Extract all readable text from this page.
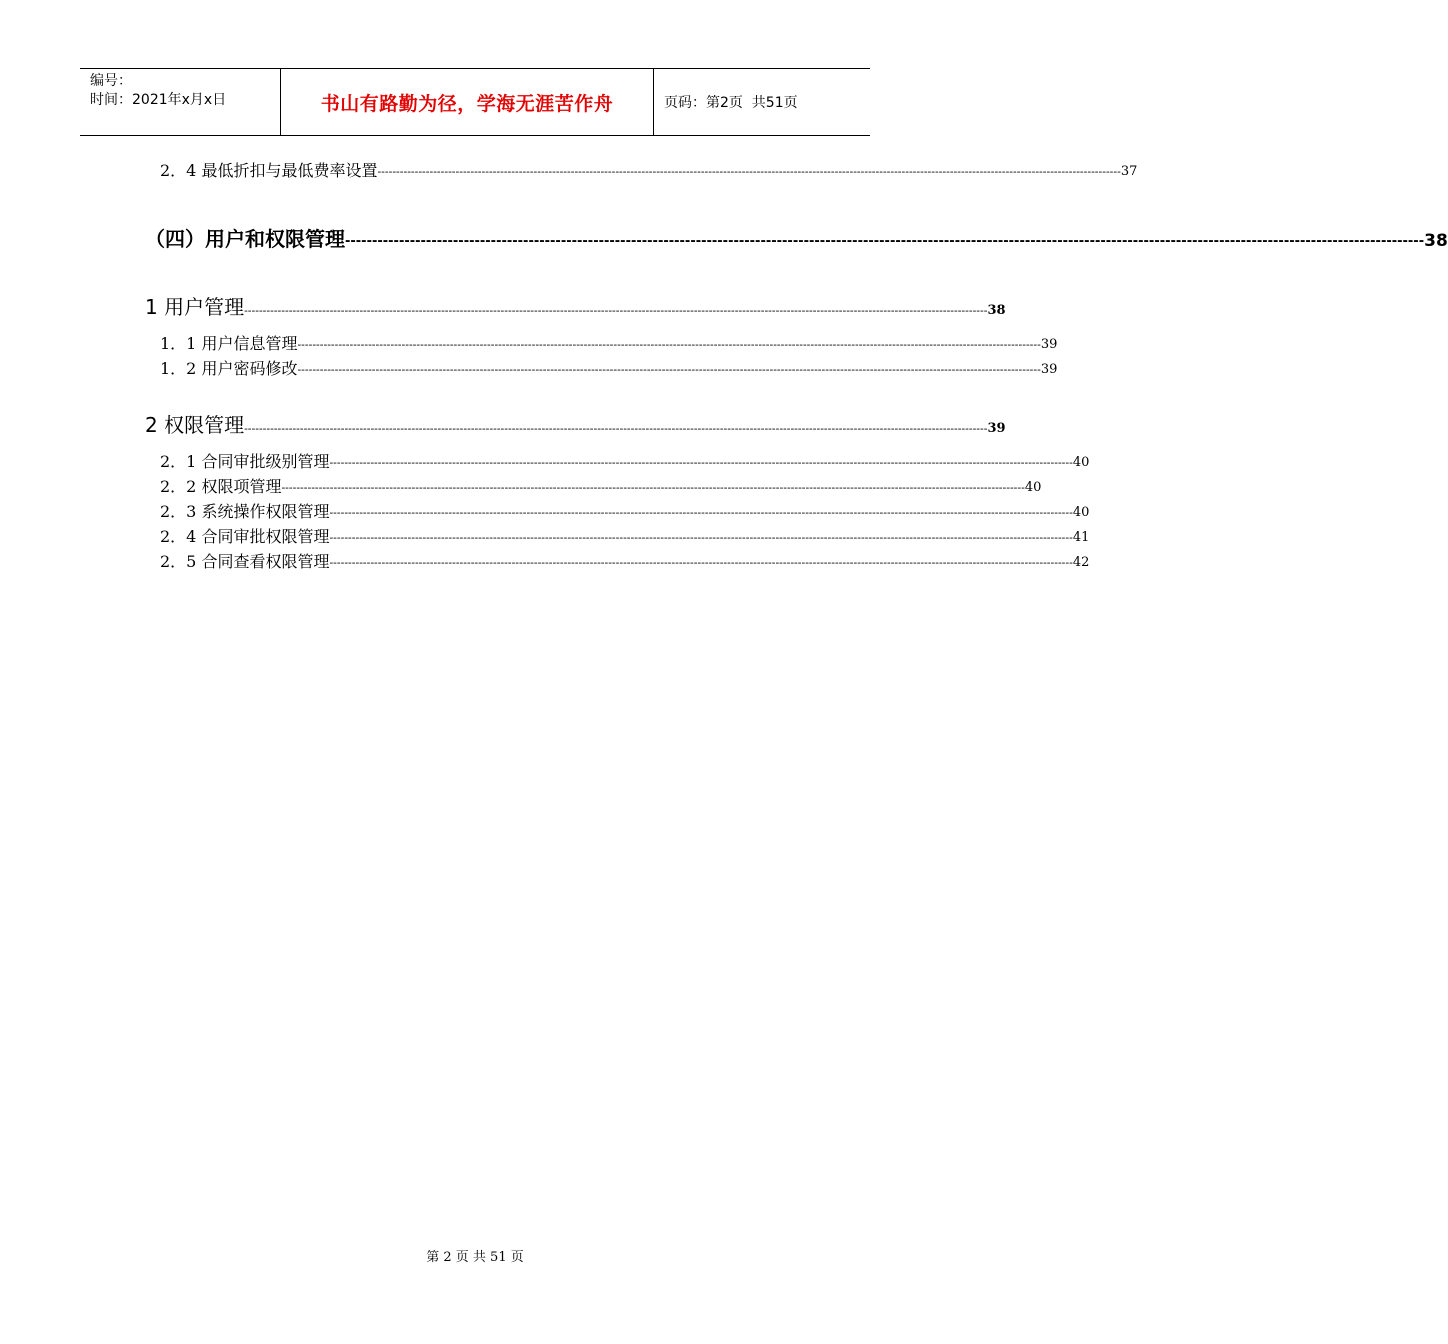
编号：
时间：2021年x月x日	书山有路勤为径，学海无涯苦作舟	页码：第2页  共51页
2．4 最低折扣与最低费率设置 -------------------------------------------------------------------------------------------------------------------------------------------------------------------------------------------------------- 37
（四）用户和权限管理 -------------------------------------------------------------------------------------------------------------------------------------------------------------------------------------------------------- 38
1 用户管理 -------------------------------------------------------------------------------------------------------------------------------------------------------------------------------------------------------- 38
1．1 用户信息管理 -------------------------------------------------------------------------------------------------------------------------------------------------------------------------------------------------------- 39
1．2 用户密码修改 -------------------------------------------------------------------------------------------------------------------------------------------------------------------------------------------------------- 39
2 权限管理 -------------------------------------------------------------------------------------------------------------------------------------------------------------------------------------------------------- 39
2．1 合同审批级别管理 -------------------------------------------------------------------------------------------------------------------------------------------------------------------------------------------------------- 40
2．2 权限项管理 -------------------------------------------------------------------------------------------------------------------------------------------------------------------------------------------------------- 40
2．3 系统操作权限管理 -------------------------------------------------------------------------------------------------------------------------------------------------------------------------------------------------------- 40
2．4 合同审批权限管理 -------------------------------------------------------------------------------------------------------------------------------------------------------------------------------------------------------- 41
2．5 合同查看权限管理 -------------------------------------------------------------------------------------------------------------------------------------------------------------------------------------------------------- 42
第 2 页 共 51 页
